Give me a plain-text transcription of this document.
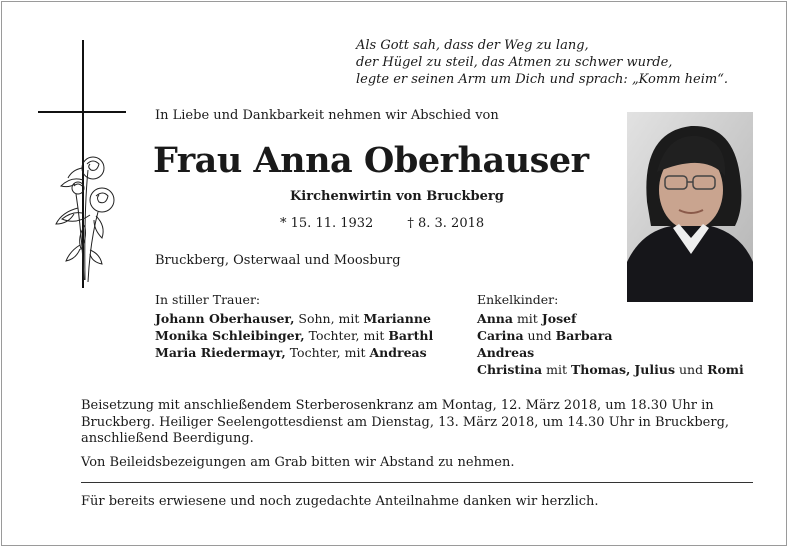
Als Gott sah, dass der Weg zu lang,
der Hügel zu steil, das Atmen zu schwer wurde,
legte er seinen Arm um Dich und sprach: „Komm heim“.
In Liebe und Dankbarkeit nehmen wir Abschied von
Frau Anna Oberhauser
Kirchenwirtin von Bruckberg
* 15. 11. 1932	† 8. 3. 2018
Bruckberg, Osterwaal und Moosburg
In stiller Trauer:
Johann Oberhauser, Sohn, mit Marianne
Monika Schleibinger, Tochter, mit Barthl
Maria Riedermayr, Tochter, mit Andreas
Enkelkinder:
Anna mit Josef
Carina und Barbara
Andreas
Christina mit Thomas, Julius und Romi
Beisetzung mit anschließendem Sterberosenkranz am Montag, 12. März 2018, um 18.30 Uhr in Bruckberg. Heiliger Seelengottesdienst am Dienstag, 13. März 2018, um 14.30 Uhr in Bruckberg, anschließend Beerdigung.
Von Beileidsbezeigungen am Grab bitten wir Abstand zu nehmen.
Für bereits erwiesene und noch zugedachte Anteilnahme danken wir herzlich.
